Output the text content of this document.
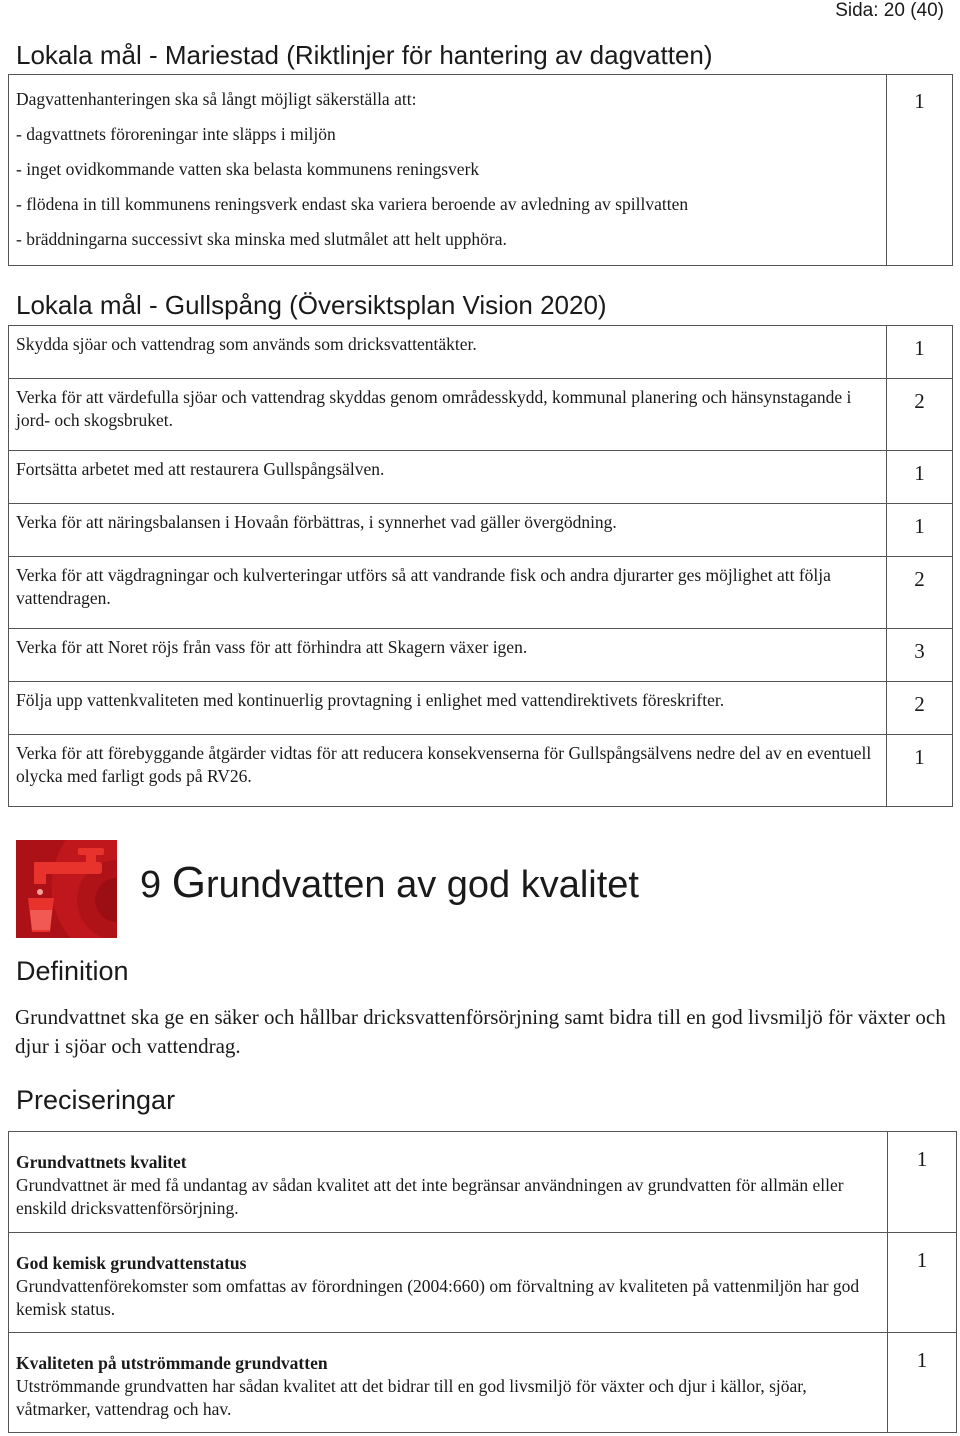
Sida: 20 (40)
Lokala mål - Mariestad (Riktlinjer för hantering av dagvatten)
Dagvattenhanteringen ska så långt möjligt säkerställa att:
- dagvattnets föroreningar inte släpps i miljön
- inget ovidkommande vatten ska belasta kommunens reningsverk
- flödena in till kommunens reningsverk endast ska variera beroende av avledning av spillvatten
- bräddningarna successivt ska minska med slutmålet att helt upphöra.
	1
Lokala mål - Gullspång (Översiktsplan Vision 2020)
Skydda sjöar och vattendrag som används som dricksvattentäkter.	1
Verka för att värdefulla sjöar och vattendrag skyddas genom områdesskydd, kommunal planering och hänsynstagande i jord- och skogsbruket.	2
Fortsätta arbetet med att restaurera Gullspångsälven.	1
Verka för att näringsbalansen i Hovaån förbättras, i synnerhet vad gäller övergödning.	1
Verka för att vägdragningar och kulverteringar utförs så att vandrande fisk och andra djurarter ges möjlighet att följa vattendragen.	2
Verka för att Noret röjs från vass för att förhindra att Skagern växer igen.	3
Följa upp vattenkvaliteten med kontinuerlig provtagning i enlighet med vattendirektivets föreskrifter.	2
Verka för att förebyggande åtgärder vidtas för att reducera konsekvenserna för Gullspångsälvens nedre del av en eventuell olycka med farligt gods på RV26.	1
9 Grundvatten av god kvalitet
Definition
Grundvattnet ska ge en säker och hållbar dricksvattenförsörjning samt bidra till en god livsmiljö för växter och djur i sjöar och vattendrag.
Preciseringar
Grundvattnets kvalitet
Grundvattnet är med få undantag av sådan kvalitet att det inte begränsar användningen av grundvatten för allmän eller enskild dricksvattenförsörjning.	1

God kemisk grundvattenstatus
Grundvattenförekomster som omfattas av förordningen (2004:660) om förvaltning av kvaliteten på vattenmiljön har god kemisk status.	1

Kvaliteten på utströmmande grundvatten
Utströmmande grundvatten har sådan kvalitet att det bidrar till en god livsmiljö för växter och djur i källor, sjöar, våtmarker, vattendrag och hav.	1
